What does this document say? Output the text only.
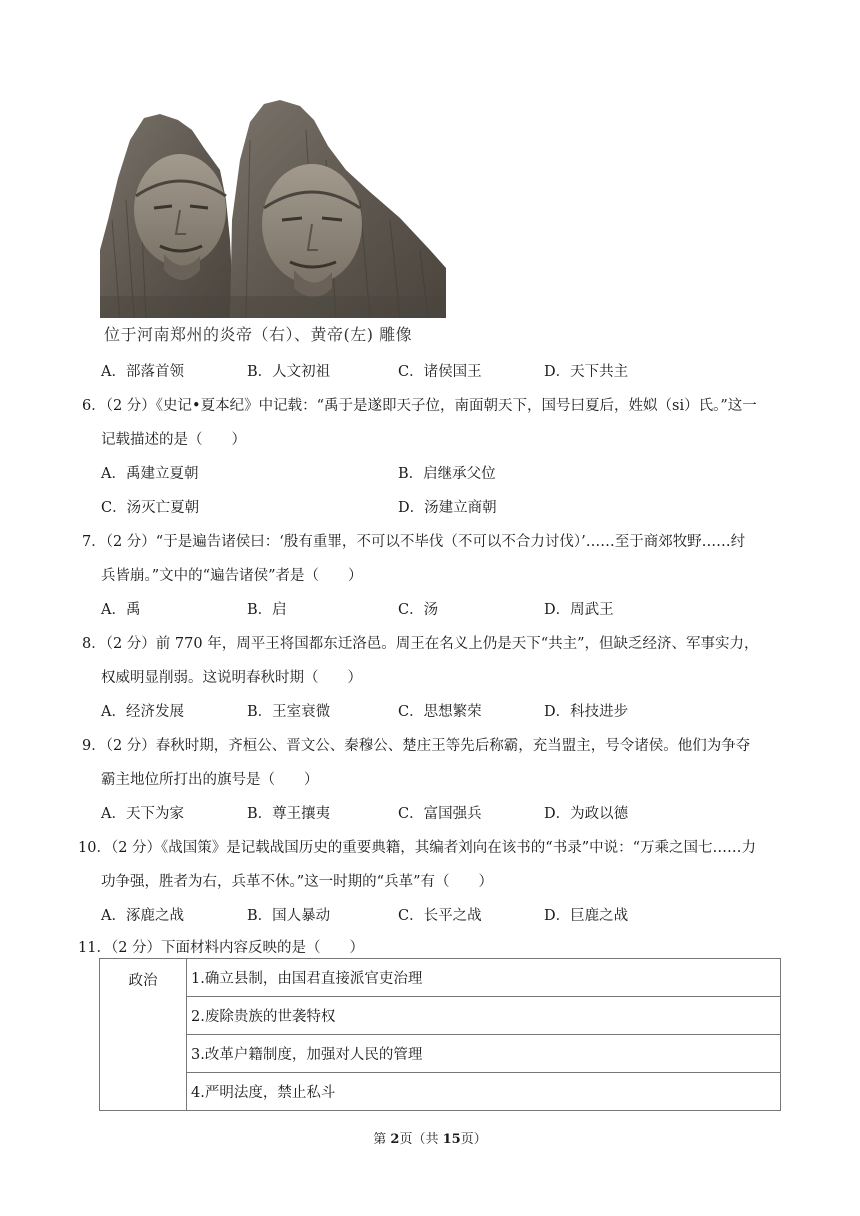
位于河南郑州的炎帝（右）、黄帝(左) 雕像
A．部落首领	B．人文初祖	C．诸侯国王	D．天下共主
6．（2 分）《史记•夏本纪》中记载：“禹于是遂即天子位，南面朝天下，国号曰夏后，姓姒（si）氏。”这一
记载描述的是（　　）
A．禹建立夏朝	B．启继承父位
C．汤灭亡夏朝	D．汤建立商朝
7．（2 分）“于是遍告诸侯曰：‘殷有重罪，不可以不毕伐（不可以不合力讨伐）’……至于商郊牧野……纣
兵皆崩。”文中的“遍告诸侯”者是（　　）
A．禹	B．启	C．汤	D．周武王
8．（2 分）前 770 年，周平王将国都东迁洛邑。周王在名义上仍是天下“共主”，但缺乏经济、军事实力，
权威明显削弱。这说明春秋时期（　　）
A．经济发展	B．王室衰微	C．思想繁荣	D．科技进步
9．（2 分）春秋时期，齐桓公、晋文公、秦穆公、楚庄王等先后称霸，充当盟主，号令诸侯。他们为争夺
霸主地位所打出的旗号是（　　）
A．天下为家	B．尊王攘夷	C．富国强兵	D．为政以德
10．（2 分）《战国策》是记载战国历史的重要典籍，其编者刘向在该书的“书录”中说：“万乘之国七……力
功争强，胜者为右，兵革不休。”这一时期的“兵革”有（　　）
A．涿鹿之战	B．国人暴动	C．长平之战	D．巨鹿之战
11．（2 分）下面材料内容反映的是（　　）
政治	1.确立县制，由国君直接派官吏治理
2.废除贵族的世袭特权
3.改革户籍制度，加强对人民的管理
4.严明法度，禁止私斗
第 2页（共 15页）
